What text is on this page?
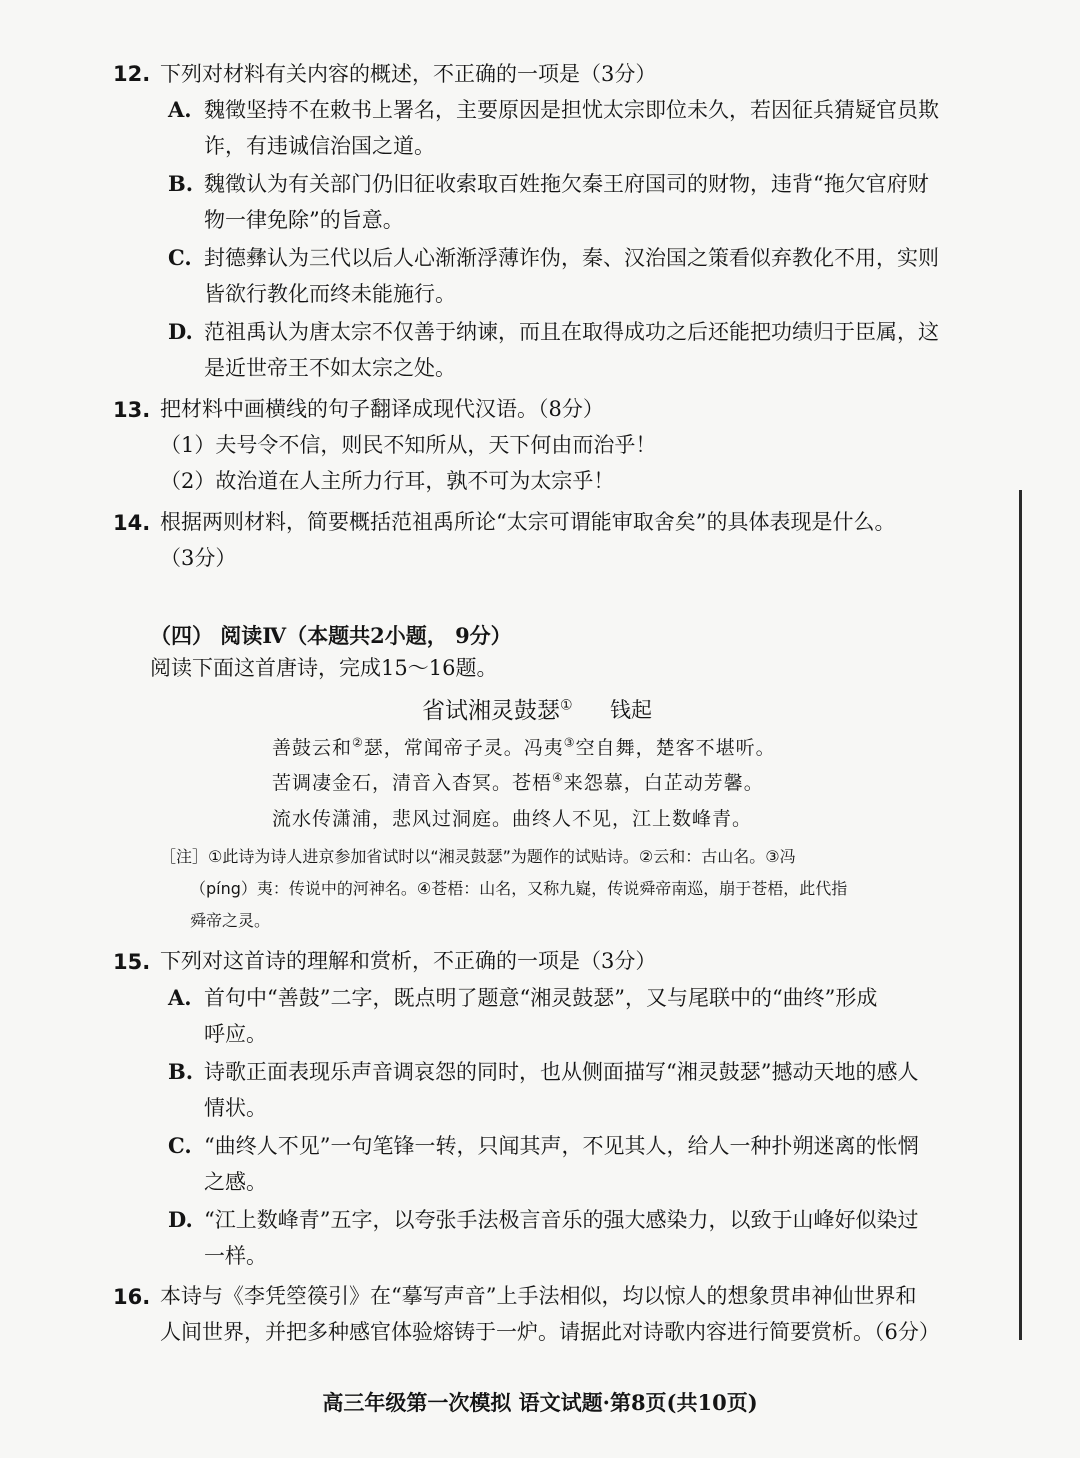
12. 下列对材料有关内容的概述，不正确的一项是（3分）
A. 魏徵坚持不在敕书上署名，主要原因是担忧太宗即位未久，若因征兵猜疑官员欺
诈，有违诚信治国之道。
B. 魏徵认为有关部门仍旧征收索取百姓拖欠秦王府国司的财物，违背“拖欠官府财
物一律免除”的旨意。
C. 封德彝认为三代以后人心渐渐浮薄诈伪，秦、汉治国之策看似弃教化不用，实则
皆欲行教化而终未能施行。
D. 范祖禹认为唐太宗不仅善于纳谏，而且在取得成功之后还能把功绩归于臣属，这
是近世帝王不如太宗之处。
13. 把材料中画横线的句子翻译成现代汉语。（8分）
（1）夫号令不信，则民不知所从，天下何由而治乎！
（2）故治道在人主所力行耳，孰不可为太宗乎！
14. 根据两则材料，简要概括范祖禹所论“太宗可谓能审取舍矣”的具体表现是什么。
（3分）
（四） 阅读Ⅳ（本题共2小题， 9分）
阅读下面这首唐诗，完成15～16题。
省试湘灵鼓瑟① 钱起
善鼓云和②瑟，常闻帝子灵。冯夷③空自舞，楚客不堪听。
苦调凄金石，清音入杳冥。苍梧④来怨慕，白芷动芳馨。
流水传潇浦，悲风过洞庭。曲终人不见，江上数峰青。
［注］①此诗为诗人进京参加省试时以“湘灵鼓瑟”为题作的试贴诗。②云和：古山名。③冯
（píng）夷：传说中的河神名。④苍梧：山名，又称九嶷，传说舜帝南巡，崩于苍梧，此代指
舜帝之灵。
15. 下列对这首诗的理解和赏析，不正确的一项是（3分）
A. 首句中“善鼓”二字，既点明了题意“湘灵鼓瑟”，又与尾联中的“曲终”形成
呼应。
B. 诗歌正面表现乐声音调哀怨的同时，也从侧面描写“湘灵鼓瑟”撼动天地的感人
情状。
C. “曲终人不见”一句笔锋一转，只闻其声，不见其人，给人一种扑朔迷离的怅惘
之感。
D. “江上数峰青”五字，以夸张手法极言音乐的强大感染力，以致于山峰好似染过
一样。
16. 本诗与《李凭箜篌引》在“摹写声音”上手法相似，均以惊人的想象贯串神仙世界和
人间世界，并把多种感官体验熔铸于一炉。请据此对诗歌内容进行简要赏析。（6分）
高三年级第一次模拟 语文试题·第8页(共10页)
